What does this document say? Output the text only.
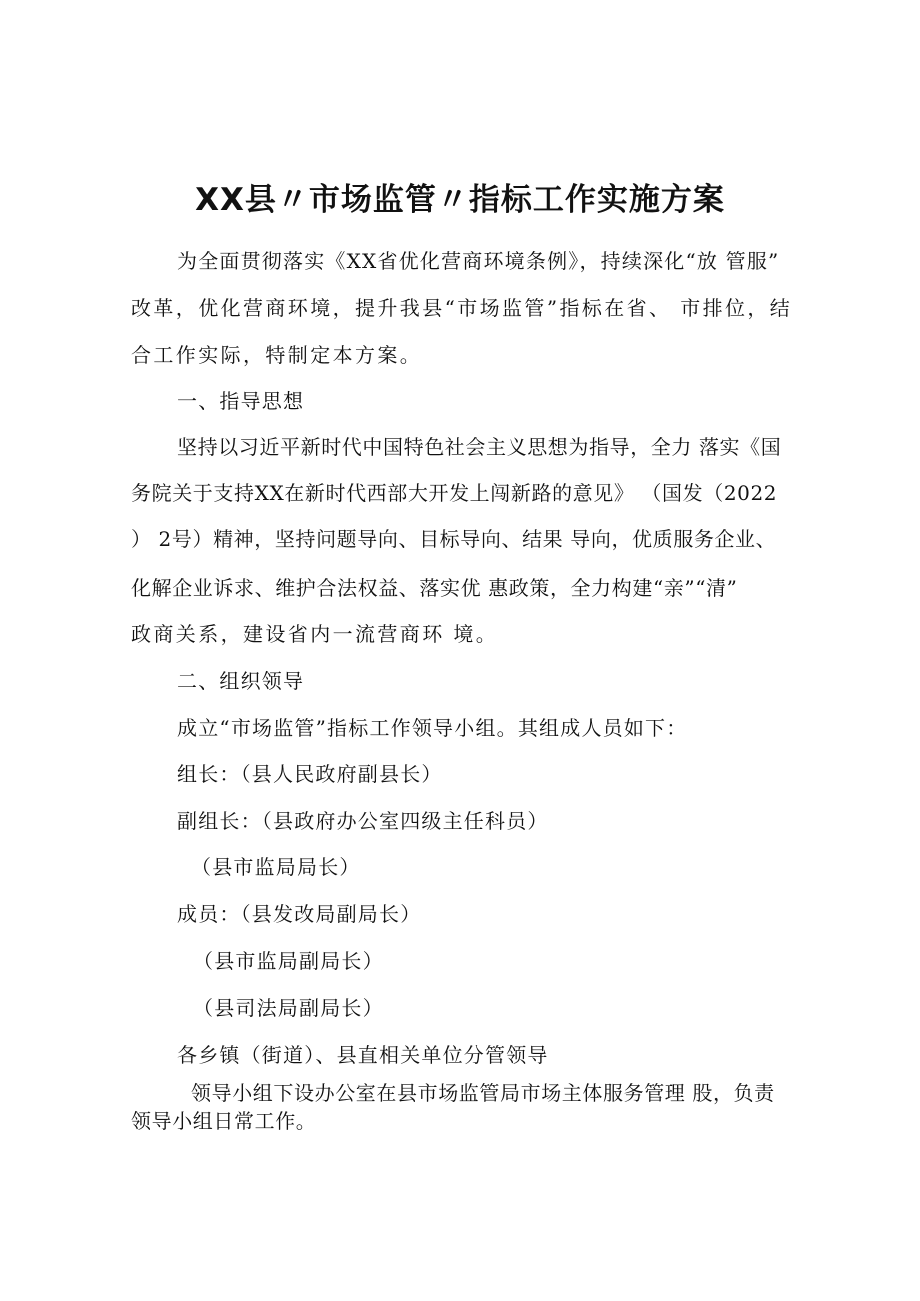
XX县〃市场监管〃指标工作实施方案
为全面贯彻落实《XX省优化营商环境条例》，持续深化“放 管服”
改革，优化营商环境，提升我县“市场监管”指标在省、 市排位，结
合工作实际，特制定本方案。
一、指导思想
坚持以习近平新时代中国特色社会主义思想为指导，全力 落实《国
务院关于支持XX在新时代西部大开发上闯新路的意见》 （国发（2022
） 2号）精神，坚持问题导向、目标导向、结果 导向，优质服务企业、
化解企业诉求、维护合法权益、落实优 惠政策，全力构建“亲”“清”
政商关系，建设省内一流营商环 境。
二、组织领导
成立“市场监管”指标工作领导小组。其组成人员如下：
组长：（县人民政府副县长）
副组长：（县政府办公室四级主任科员）
（县市监局局长）
成员：（县发改局副局长）
（县市监局副局长）
（县司法局副局长）
各乡镇（街道）、县直相关单位分管领导
领导小组下设办公室在县市场监管局市场主体服务管理 股，负责
领导小组日常工作。
